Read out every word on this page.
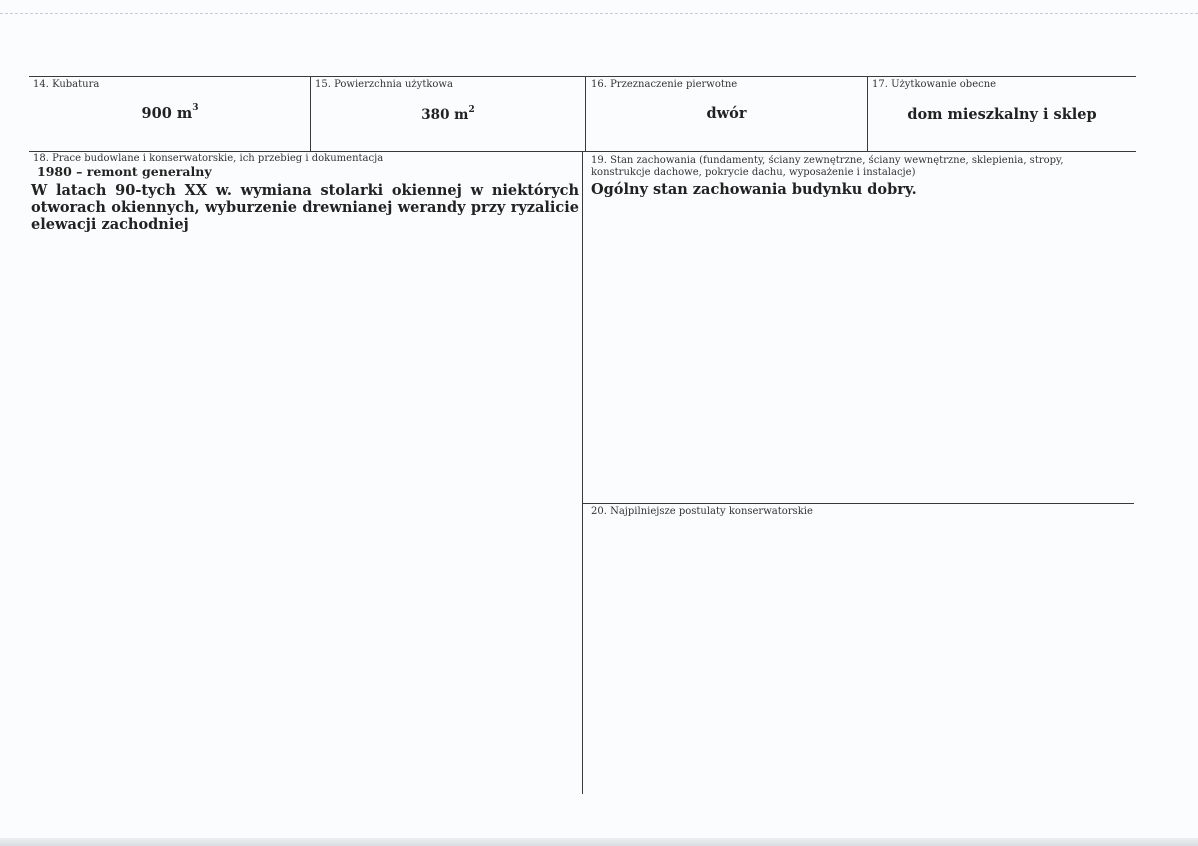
14. Kubatura
900 $m^3$
15. Powierzchnia użytkowa
380 $m^2$
16. Przeznaczenie pierwotne
dwór
17. Użytkowanie obecne
dom mieszkalny i sklep
18. Prace budowlane i konserwatorskie, ich przebieg i dokumentacja
1980 – remont generalny
W latach 90-tych XX w. wymiana stolarki okiennej w niektórych otworach okiennych, wyburzenie drewnianej werandy przy ryzalicie elewacji zachodniej
19. Stan zachowania (fundamenty, ściany zewnętrzne, ściany wewnętrzne, sklepienia, stropy, konstrukcje dachowe, pokrycie dachu, wyposażenie i instalacje)
Ogólny stan zachowania budynku dobry.
20. Najpilniejsze postulaty konserwatorskie
